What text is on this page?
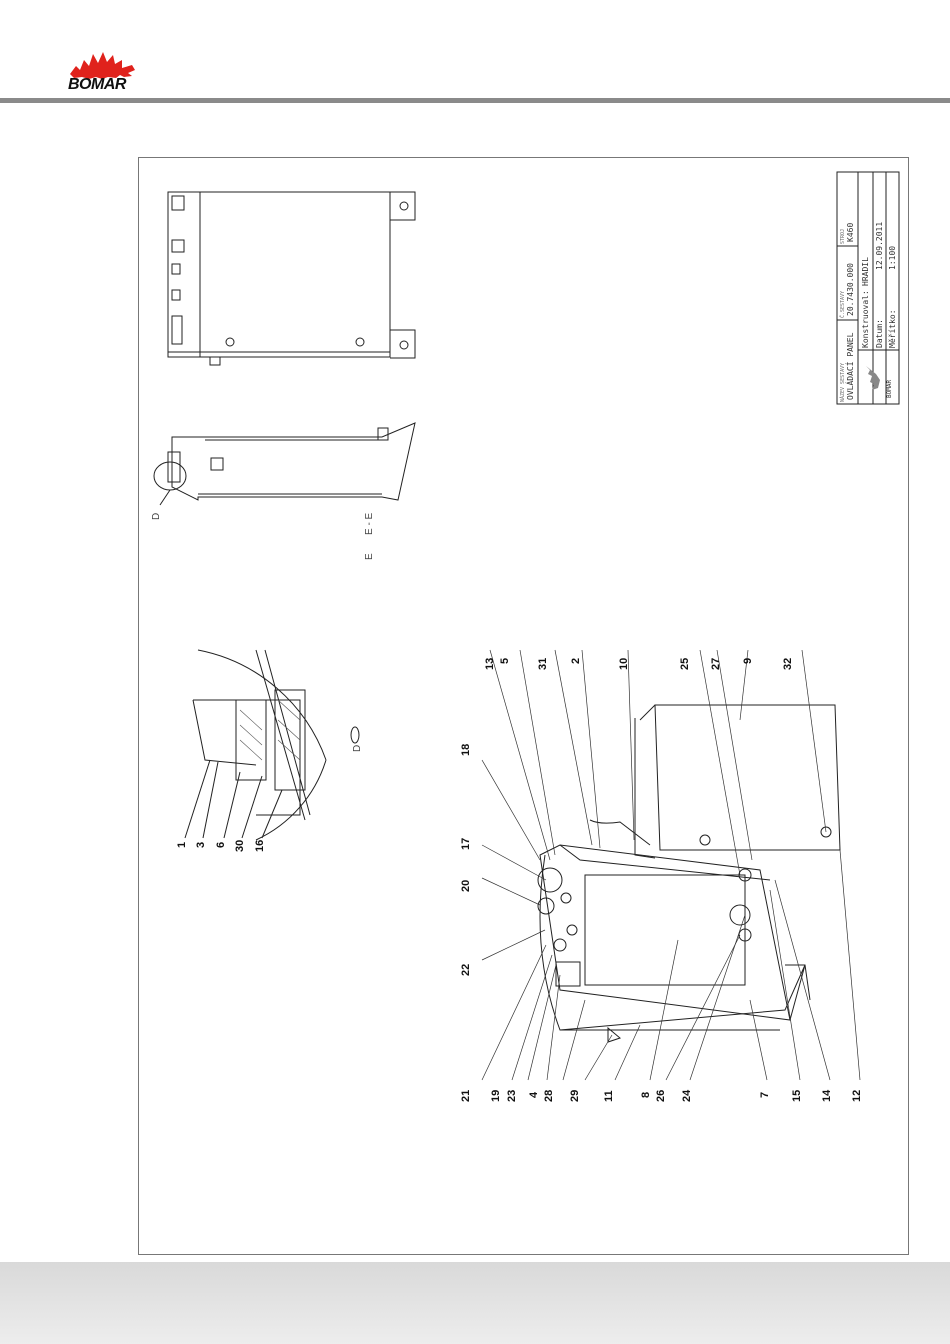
BOMAR
13 5 31 2	10	25 27 9	32
18
17
20
22
21 19 23 4 28 29 11 8 26 24	7 15 14 12
1 3 6 30 16
D
D
E - E
E
NÁZEV SESTAVY OVLÁDACÍ PANEL
Č.SESTAVY 20.7430.000
STROJ K460
Konstruoval:
HRADIL
Datum:
12.09.2011
Měřítko:
1:100
BOMAR
